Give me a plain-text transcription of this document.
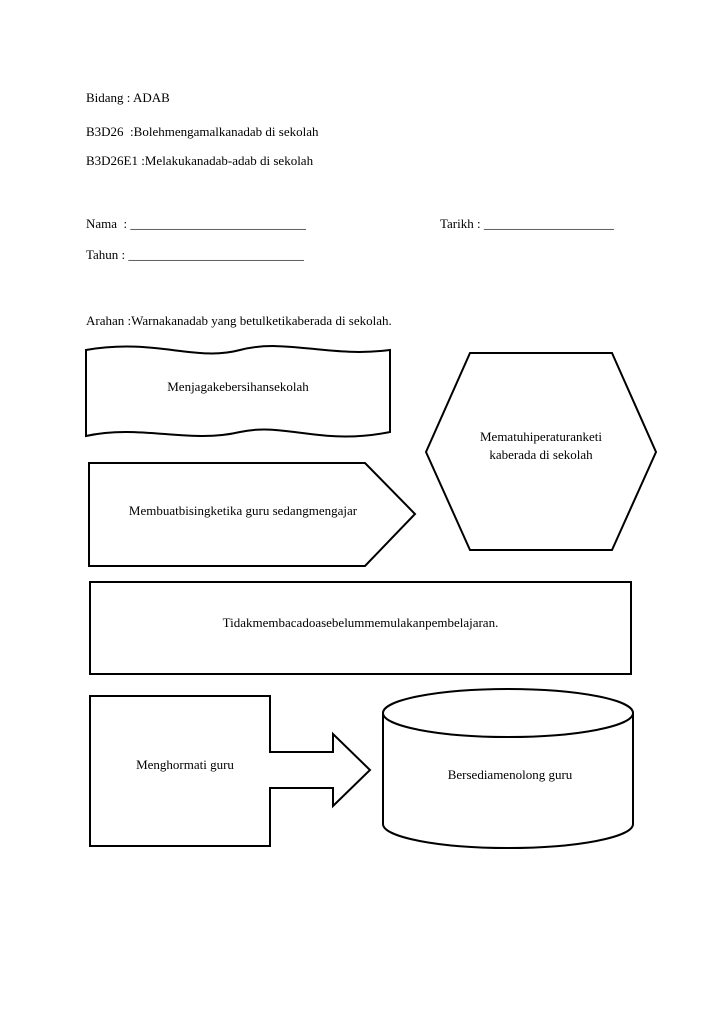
Bidang : ADAB
B3D26  :Bolehmengamalkanadab di sekolah
B3D26E1 :Melakukanadab-adab di sekolah
Nama  : ___________________________	Tarikh : ____________________
Tahun : ___________________________
Arahan :Warnakanadab yang betulketikaberada di sekolah.
Menjagakebersihansekolah
Mematuhiperaturanketi
kaberada di sekolah
Membuatbisingketika guru sedangmengajar
Tidakmembacadoasebelummemulakanpembelajaran.
Menghormati guru
Bersediamenolong guru
